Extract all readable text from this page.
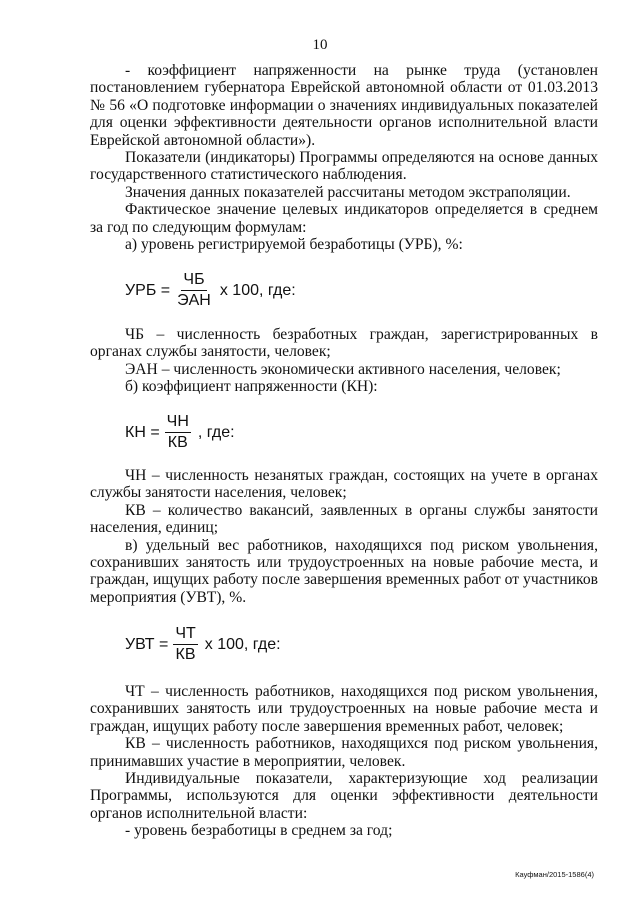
10

- коэффициент напряженности на рынке труда (установлен постановлением губернатора Еврейской автономной области от 01.03.2013 № 56 «О подготовке информации о значениях индивидуальных показателей для оценки эффективности деятельности органов исполнительной власти Еврейской автономной области»).

Показатели (индикаторы) Программы определяются на основе данных государственного статистического наблюдения.

Значения данных показателей рассчитаны методом экстраполяции.

Фактическое значение целевых индикаторов определяется в среднем за год по следующим формулам:

а) уровень регистрируемой безработицы (УРБ), %:

УРБ = $\frac{ЧБ}{\text{ЭАН}}$ х 100, где:

ЧБ – численность безработных граждан, зарегистрированных в органах службы занятости, человек;

ЭАН – численность экономически активного населения, человек;

б) коэффициент напряженности (КН):

КН = $\frac{ЧН}{КВ}$ , где:

ЧН – численность незанятых граждан, состоящих на учете в органах службы занятости населения, человек;

КВ – количество вакансий, заявленных в органы службы занятости населения, единиц;

в) удельный вес работников, находящихся под риском увольнения, сохранивших занятость или трудоустроенных на новые рабочие места, и граждан, ищущих работу после завершения временных работ от участников мероприятия (УВТ), %.

УВТ = $\frac{ЧТ}{КВ}$ х 100, где:

ЧТ – численность работников, находящихся под риском увольнения, сохранивших занятость или трудоустроенных на новые рабочие места и граждан, ищущих работу после завершения временных работ, человек;

КВ – численность работников, находящихся под риском увольнения, принимавших участие в мероприятии, человек.

Индивидуальные показатели, характеризующие ход реализации Программы, используются для оценки эффективности деятельности органов исполнительной власти:

- уровень безработицы в среднем за год;

Кауфман/2015-1586(4)
